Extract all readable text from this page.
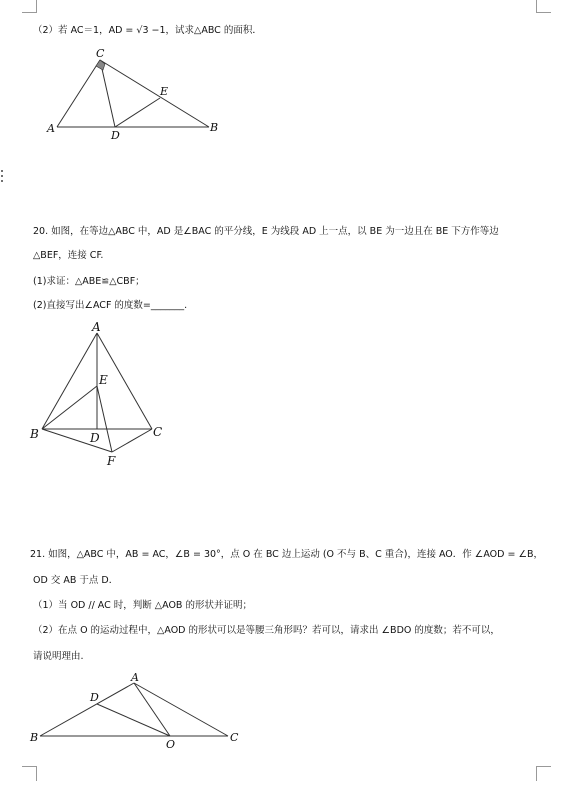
（2）若 AC＝1，AD = √3 −1，试求△ABC 的面积．
C
A	B
D
E
20. 如图，在等边△ABC 中，AD 是∠BAC 的平分线，E 为线段 AD 上一点，以 BE 为一边且在 BE 下方作等边
△BEF，连接 CF.
(1)求证：△ABE≌△CBF；
(2)直接写出∠ACF 的度数=_______.
A
E
B	D	C
F
21. 如图，△ABC 中，AB = AC，∠B = 30°，点 O 在 BC 边上运动 (O 不与 B、C 重合)，连接 AO．作 ∠AOD = ∠B，
OD 交 AB 于点 D．
（1）当 OD // AC 时，判断 △AOB 的形状并证明；
（2）在点 O 的运动过程中，△AOD 的形状可以是等腰三角形吗？若可以，请求出 ∠BDO 的度数；若不可以，
请说明理由.
A
D
B
O
C
